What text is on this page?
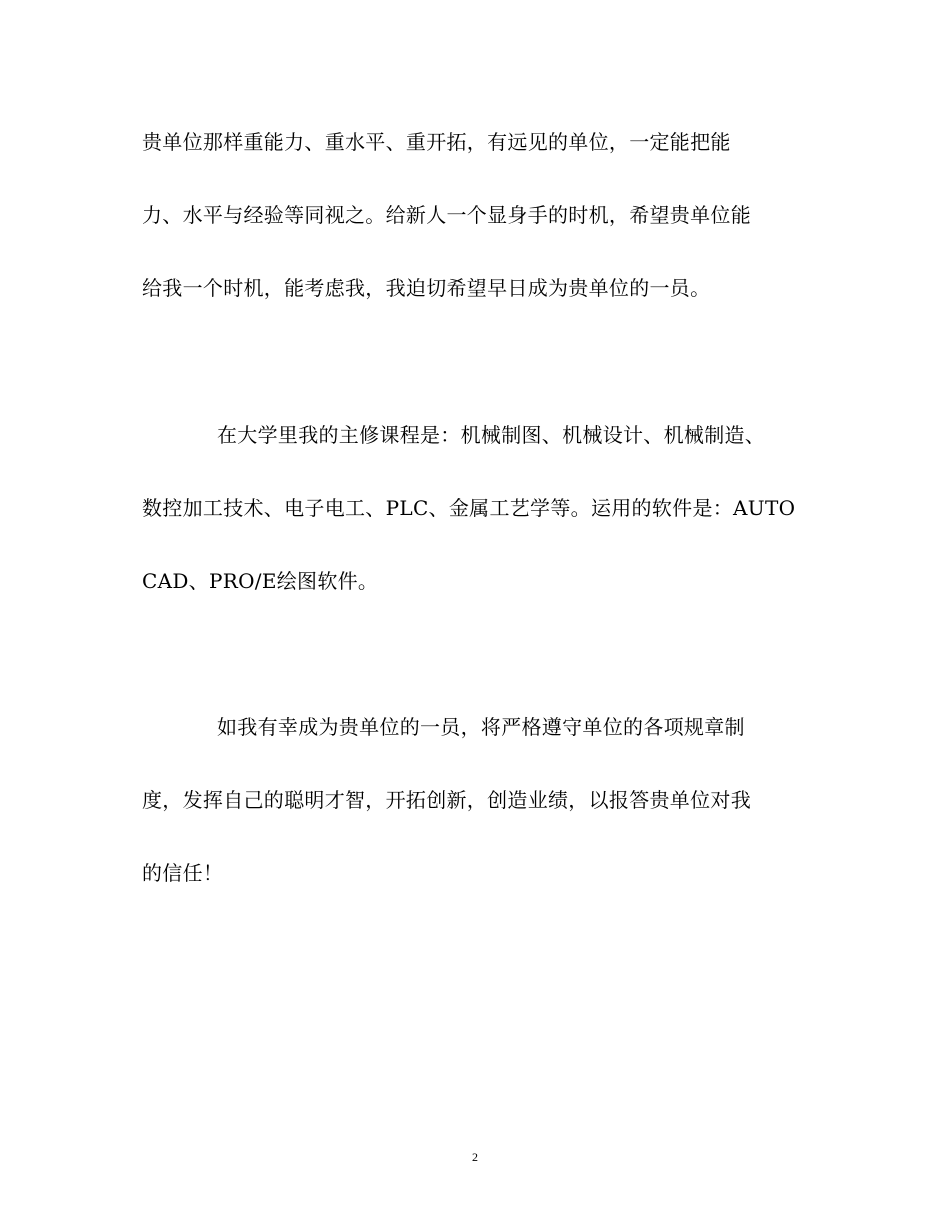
贵单位那样重能力、重水平、重开拓，有远见的单位，一定能把能
力、水平与经验等同视之。给新人一个显身手的时机，希望贵单位能
给我一个时机，能考虑我，我迫切希望早日成为贵单位的一员。
在大学里我的主修课程是：机械制图、机械设计、机械制造、
数控加工技术、电子电工、PLC、金属工艺学等。运用的软件是：AUTO
CAD、PRO/E绘图软件。
如我有幸成为贵单位的一员，将严格遵守单位的各项规章制
度，发挥自己的聪明才智，开拓创新，创造业绩，以报答贵单位对我
的信任！
2
